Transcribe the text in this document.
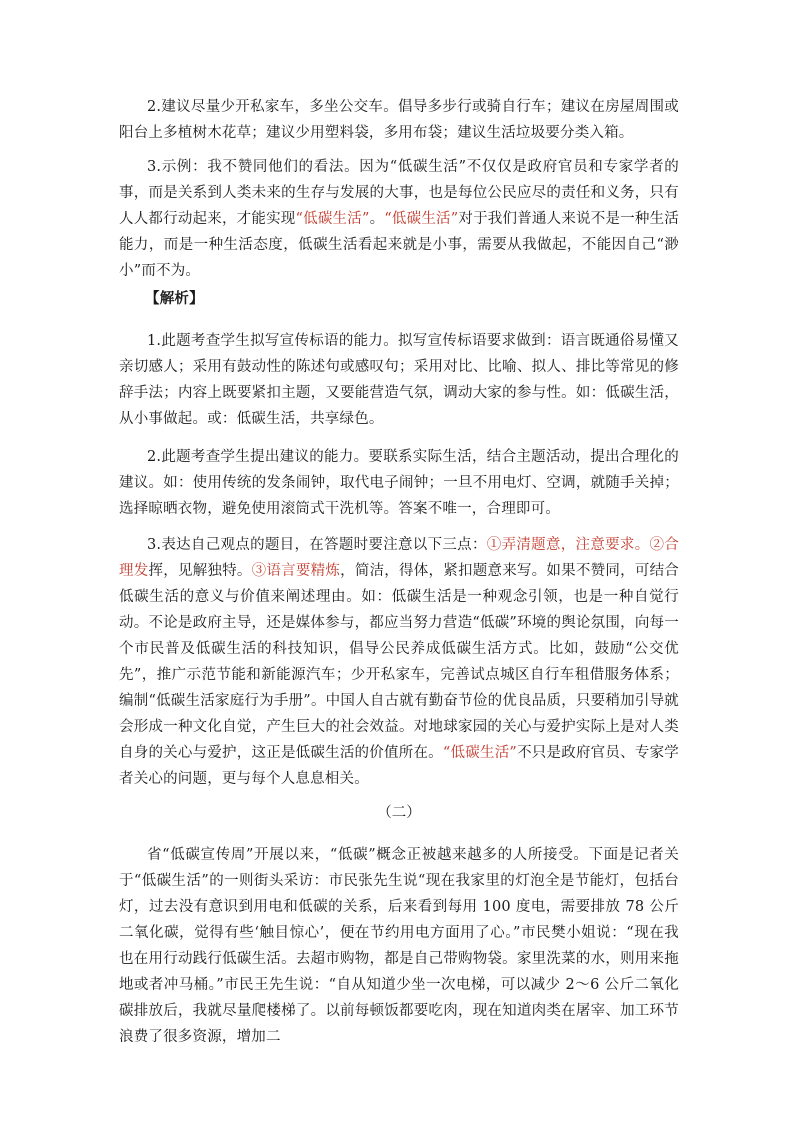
2.建议尽量少开私家车，多坐公交车。倡导多步行或骑自行车；建议在房屋周围或阳台上多植树木花草；建议少用塑料袋，多用布袋；建议生活垃圾要分类入箱。

3.示例：我不赞同他们的看法。因为“低碳生活”不仅仅是政府官员和专家学者的事，而是关系到人类未来的生存与发展的大事，也是每位公民应尽的责任和义务，只有人人都行动起来，才能实现“低碳生活”。“低碳生活”对于我们普通人来说不是一种生活能力，而是一种生活态度，低碳生活看起来就是小事，需要从我做起，不能因自己“渺小”而不为。

【解析】

1.此题考查学生拟写宣传标语的能力。拟写宣传标语要求做到：语言既通俗易懂又亲切感人；采用有鼓动性的陈述句或感叹句；采用对比、比喻、拟人、排比等常见的修辞手法；内容上既要紧扣主题，又要能营造气氛，调动大家的参与性。如：低碳生活，从小事做起。或：低碳生活，共享绿色。

2.此题考查学生提出建议的能力。要联系实际生活，结合主题活动，提出合理化的建议。如：使用传统的发条闹钟，取代电子闹钟；一旦不用电灯、空调，就随手关掉；选择晾晒衣物，避免使用滚筒式干洗机等。答案不唯一，合理即可。

3.表达自己观点的题目，在答题时要注意以下三点：①弄清题意，注意要求。②合理发挥，见解独特。③语言要精炼，简洁，得体，紧扣题意来写。如果不赞同，可结合低碳生活的意义与价值来阐述理由。如：低碳生活是一种观念引领，也是一种自觉行动。不论是政府主导，还是媒体参与，都应当努力营造“低碳”环境的舆论氛围，向每一个市民普及低碳生活的科技知识，倡导公民养成低碳生活方式。比如，鼓励“公交优先”，推广示范节能和新能源汽车；少开私家车，完善试点城区自行车租借服务体系；编制“低碳生活家庭行为手册”。中国人自古就有勤奋节俭的优良品质，只要稍加引导就会形成一种文化自觉，产生巨大的社会效益。对地球家园的关心与爱护实际上是对人类自身的关心与爱护，这正是低碳生活的价值所在。“低碳生活”不只是政府官员、专家学者关心的问题，更与每个人息息相关。

（二）

省“低碳宣传周”开展以来，“低碳”概念正被越来越多的人所接受。下面是记者关于“低碳生活”的一则街头采访：市民张先生说“现在我家里的灯泡全是节能灯，包括台灯，过去没有意识到用电和低碳的关系，后来看到每用 100 度电，需要排放 78 公斤二氧化碳，觉得有些‘触目惊心’，便在节约用电方面用了心。”市民樊小姐说：“现在我也在用行动践行低碳生活。去超市购物，都是自己带购物袋。家里洗菜的水，则用来拖地或者冲马桶。”市民王先生说：“自从知道少坐一次电梯，可以减少 2～6 公斤二氧化碳排放后，我就尽量爬楼梯了。以前每顿饭都要吃肉，现在知道肉类在屠宰、加工环节浪费了很多资源，增加二
